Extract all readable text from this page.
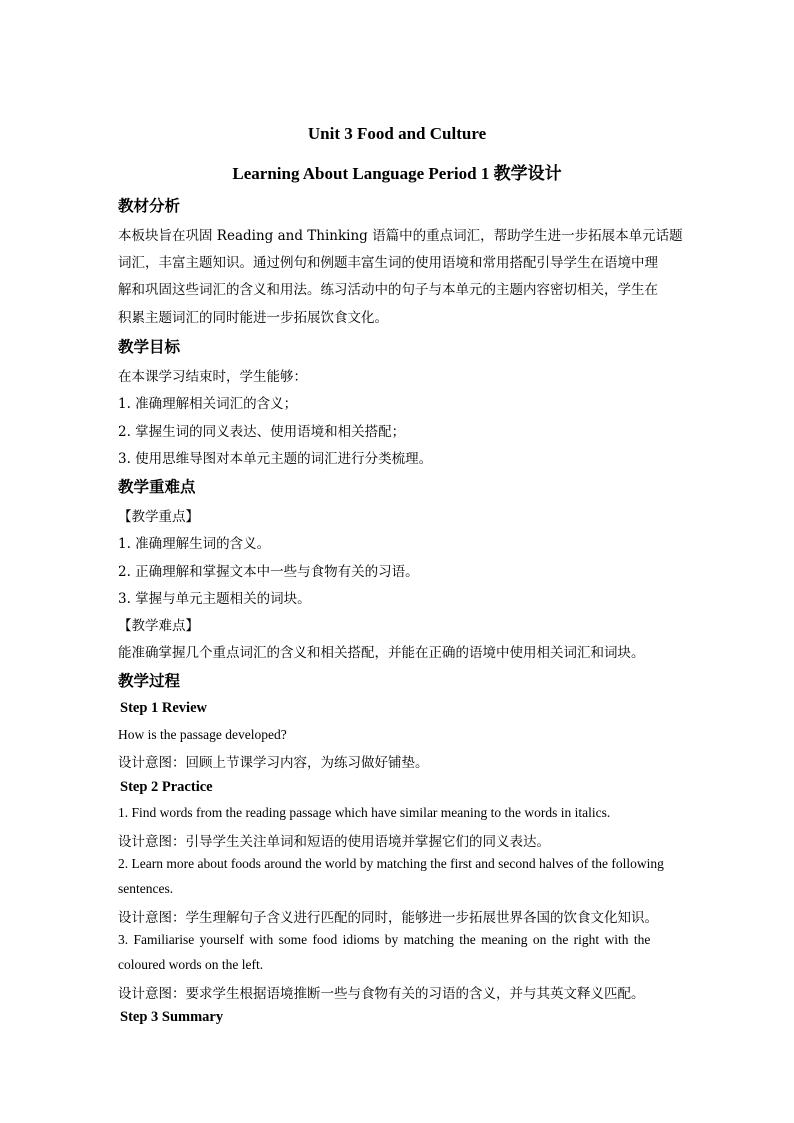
Unit 3 Food and Culture
Learning About Language Period 1 教学设计
教材分析
本板块旨在巩固 Reading and Thinking 语篇中的重点词汇，帮助学生进一步拓展本单元话题
词汇，丰富主题知识。通过例句和例题丰富生词的使用语境和常用搭配引导学生在语境中理
解和巩固这些词汇的含义和用法。练习活动中的句子与本单元的主题内容密切相关，学生在
积累主题词汇的同时能进一步拓展饮食文化。
教学目标
在本课学习结束时，学生能够：
1. 准确理解相关词汇的含义；
2. 掌握生词的同义表达、使用语境和相关搭配；
3. 使用思维导图对本单元主题的词汇进行分类梳理。
教学重难点
【教学重点】
1. 准确理解生词的含义。
2. 正确理解和掌握文本中一些与食物有关的习语。
3. 掌握与单元主题相关的词块。
【教学难点】
能准确掌握几个重点词汇的含义和相关搭配，并能在正确的语境中使用相关词汇和词块。
教学过程
Step 1 Review
How is the passage developed?
设计意图：回顾上节课学习内容，为练习做好铺垫。
Step 2 Practice
1. Find words from the reading passage which have similar meaning to the words in italics.
设计意图：引导学生关注单词和短语的使用语境并掌握它们的同义表达。
2. Learn more about foods around the world by matching the first and second halves of the following
sentences.
设计意图：学生理解句子含义进行匹配的同时，能够进一步拓展世界各国的饮食文化知识。
3. Familiarise yourself with some food idioms by matching the meaning on the right with the
coloured words on the left.
设计意图：要求学生根据语境推断一些与食物有关的习语的含义，并与其英文释义匹配。
Step 3 Summary
